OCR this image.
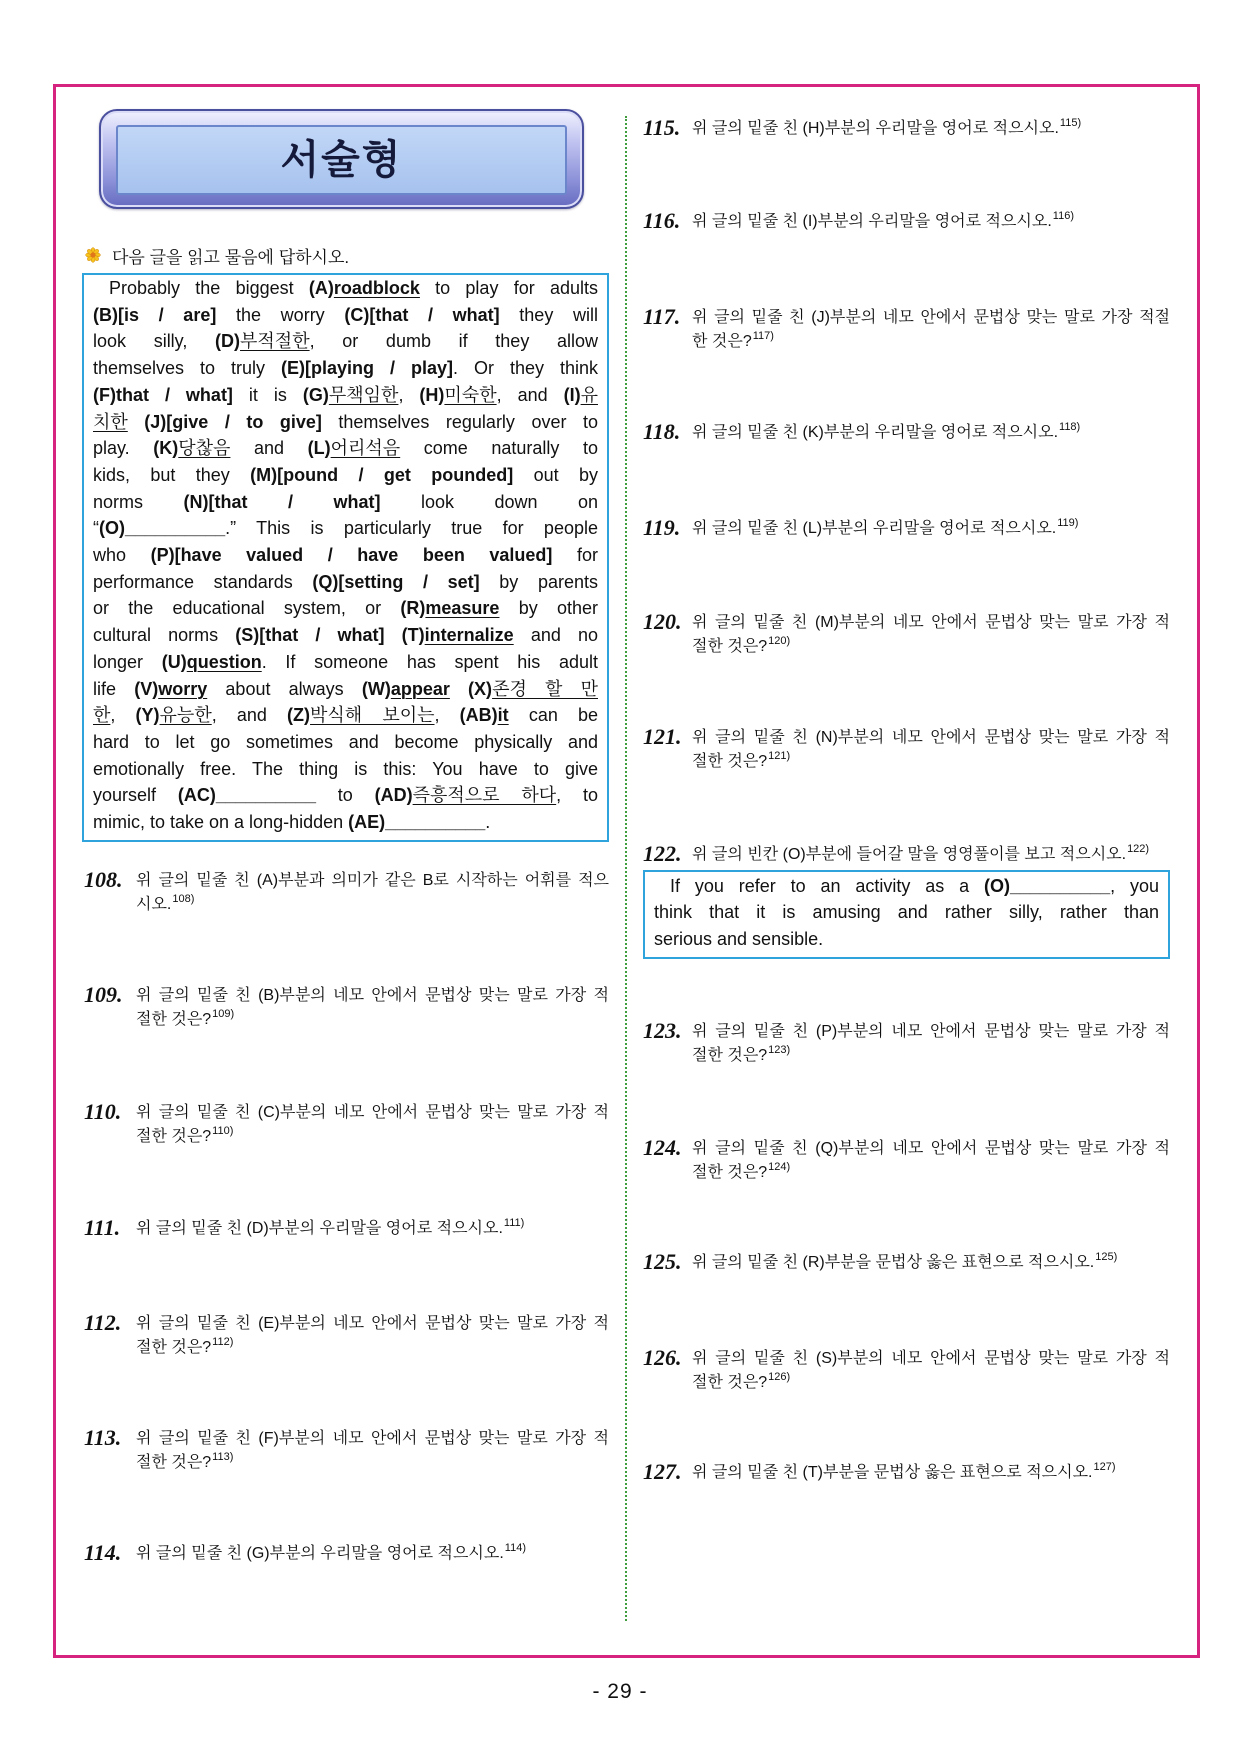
서술형
다음 글을 읽고 물음에 답하시오.
Probably the biggest (A)roadblock to play for adults
(B)[is / are] the worry (C)[that / what] they will
look silly, (D)부적절한, or dumb if they allow
themselves to truly (E)[playing / play]. Or they think
(F)that / what] it is (G)무책임한, (H)미숙한, and (I)유
치한 (J)[give / to give] themselves regularly over to
play. (K)당찮음 and (L)어리석음 come naturally to
kids, but they (M)[pound / get pounded] out by
norms (N)[that / what] look down on
“(O)__________.” This is particularly true for people
who (P)[have valued / have been valued] for
performance standards (Q)[setting / set] by parents
or the educational system, or (R)measure by other
cultural norms (S)[that / what] (T)internalize and no
longer (U)question. If someone has spent his adult
life (V)worry about always (W)appear (X)존경 할 만
한, (Y)유능한, and (Z)박식해 보이는, (AB)it can be
hard to let go sometimes and become physically and
emotionally free. The thing is this: You have to give
yourself (AC)__________ to (AD)즉흥적으로 하다, to
mimic, to take on a long-hidden (AE)__________.
108. 위 글의 밑줄 친 (A)부분과 의미가 같은 B로 시작하는 어휘를 적으
시오.$^{108)}$
109. 위 글의 밑줄 친 (B)부분의 네모 안에서 문법상 맞는 말로 가장 적
절한 것은?$^{109)}$
110. 위 글의 밑줄 친 (C)부분의 네모 안에서 문법상 맞는 말로 가장 적
절한 것은?$^{110)}$
111. 위 글의 밑줄 친 (D)부분의 우리말을 영어로 적으시오.$^{111)}$
112. 위 글의 밑줄 친 (E)부분의 네모 안에서 문법상 맞는 말로 가장 적
절한 것은?$^{112)}$
113. 위 글의 밑줄 친 (F)부분의 네모 안에서 문법상 맞는 말로 가장 적
절한 것은?$^{113)}$
114. 위 글의 밑줄 친 (G)부분의 우리말을 영어로 적으시오.$^{114)}$
115. 위 글의 밑줄 친 (H)부분의 우리말을 영어로 적으시오.$^{115)}$
116. 위 글의 밑줄 친 (I)부분의 우리말을 영어로 적으시오.$^{116)}$
117. 위 글의 밑줄 친 (J)부분의 네모 안에서 문법상 맞는 말로 가장 적절
한 것은?$^{117)}$
118. 위 글의 밑줄 친 (K)부분의 우리말을 영어로 적으시오.$^{118)}$
119. 위 글의 밑줄 친 (L)부분의 우리말을 영어로 적으시오.$^{119)}$
120. 위 글의 밑줄 친 (M)부분의 네모 안에서 문법상 맞는 말로 가장 적
절한 것은?$^{120)}$
121. 위 글의 밑줄 친 (N)부분의 네모 안에서 문법상 맞는 말로 가장 적
절한 것은?$^{121)}$
122. 위 글의 빈칸 (O)부분에 들어갈 말을 영영풀이를 보고 적으시오.$^{122)}$
123. 위 글의 밑줄 친 (P)부분의 네모 안에서 문법상 맞는 말로 가장 적
절한 것은?$^{123)}$
124. 위 글의 밑줄 친 (Q)부분의 네모 안에서 문법상 맞는 말로 가장 적
절한 것은?$^{124)}$
125. 위 글의 밑줄 친 (R)부분을 문법상 옳은 표현으로 적으시오.$^{125)}$
126. 위 글의 밑줄 친 (S)부분의 네모 안에서 문법상 맞는 말로 가장 적
절한 것은?$^{126)}$
127. 위 글의 밑줄 친 (T)부분을 문법상 옳은 표현으로 적으시오.$^{127)}$
If you refer to an activity as a (O)__________, you
think that it is amusing and rather silly, rather than
serious and sensible.
- 29 -
